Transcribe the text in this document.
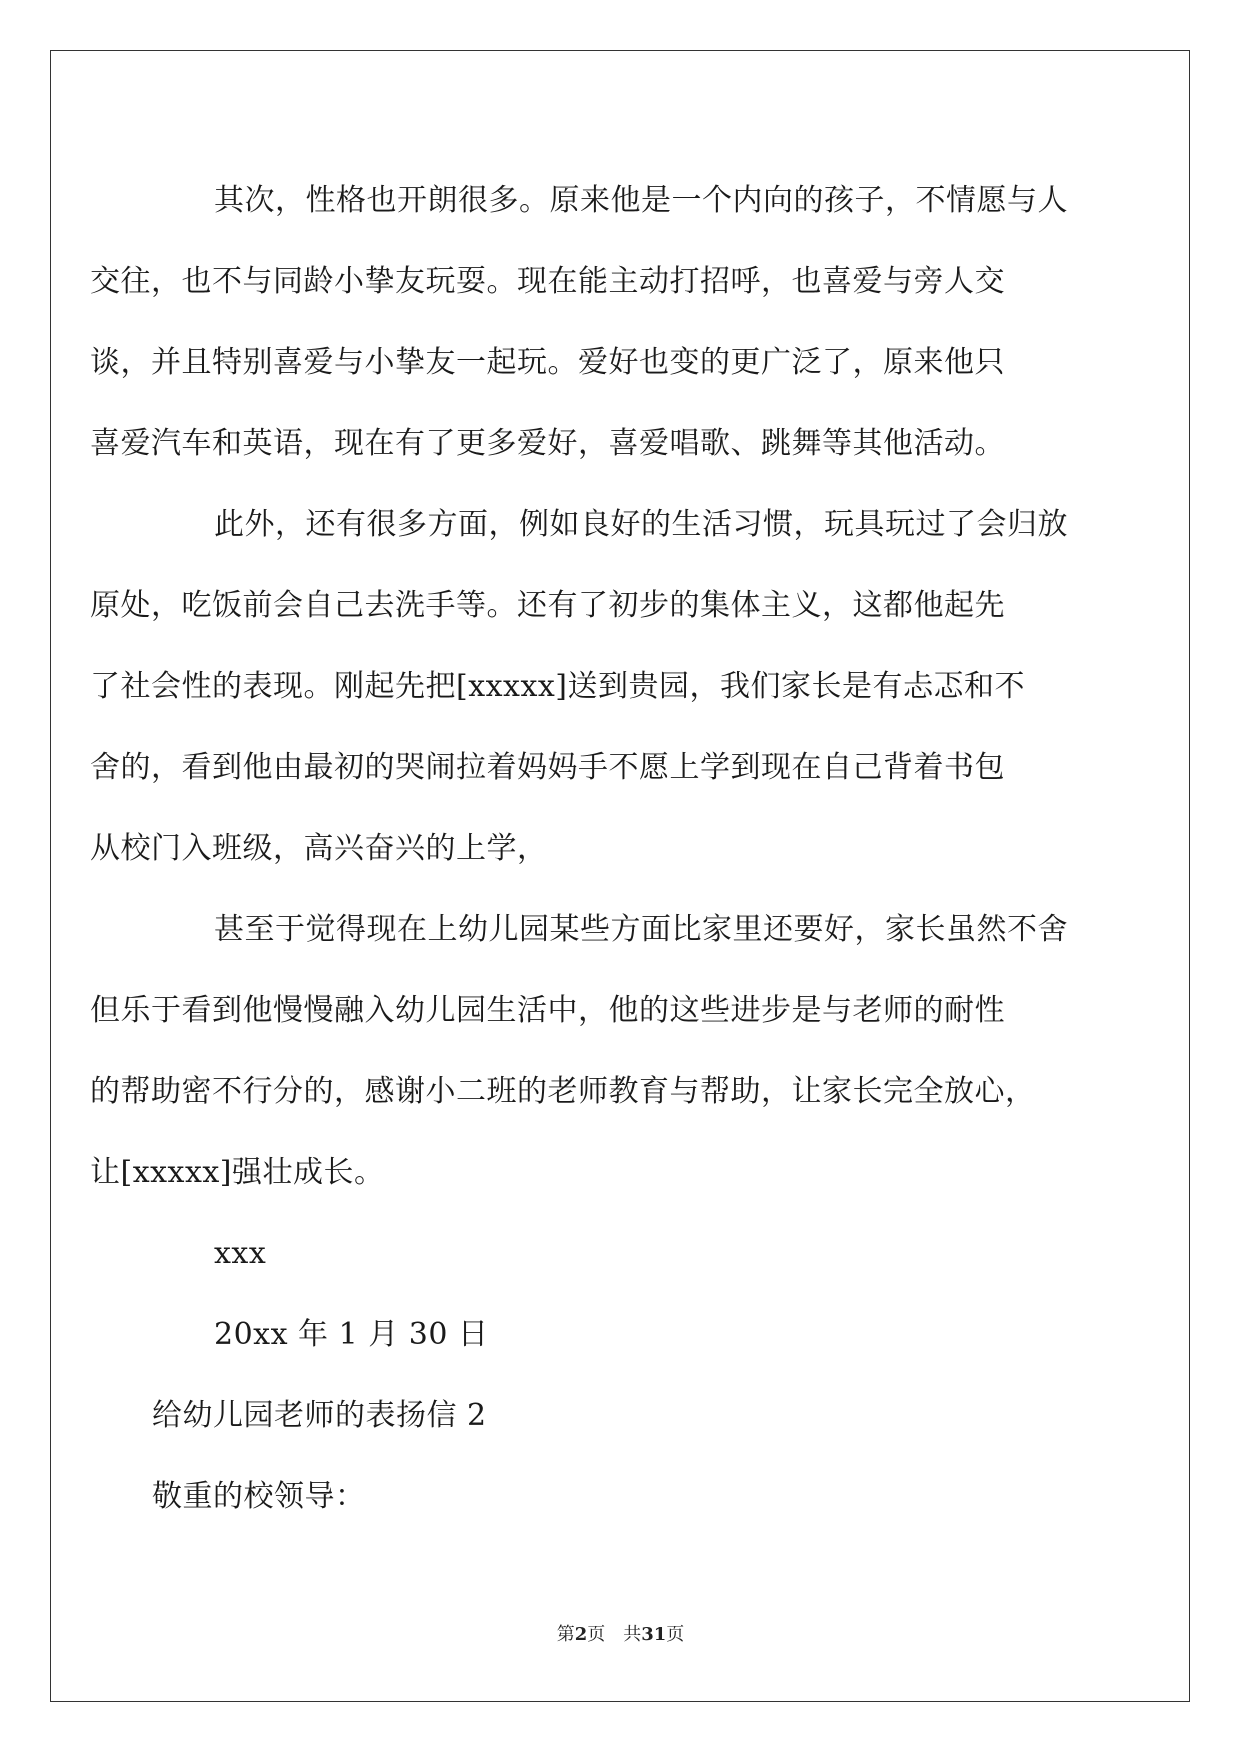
其次，性格也开朗很多。原来他是一个内向的孩子，不情愿与人
交往，也不与同龄小挚友玩耍。现在能主动打招呼，也喜爱与旁人交
谈，并且特别喜爱与小挚友一起玩。爱好也变的更广泛了，原来他只
喜爱汽车和英语，现在有了更多爱好，喜爱唱歌、跳舞等其他活动。

此外，还有很多方面，例如良好的生活习惯，玩具玩过了会归放
原处，吃饭前会自己去洗手等。还有了初步的集体主义，这都他起先
了社会性的表现。刚起先把[xxxxx]送到贵园，我们家长是有忐忑和不
舍的，看到他由最初的哭闹拉着妈妈手不愿上学到现在自己背着书包
从校门入班级，高兴奋兴的上学，

甚至于觉得现在上幼儿园某些方面比家里还要好，家长虽然不舍
但乐于看到他慢慢融入幼儿园生活中，他的这些进步是与老师的耐性
的帮助密不行分的，感谢小二班的老师教育与帮助，让家长完全放心，
让[xxxxx]强壮成长。

xxx

20xx 年 1 月 30 日

给幼儿园老师的表扬信 2

敬重的校领导：

第2页 共31页
